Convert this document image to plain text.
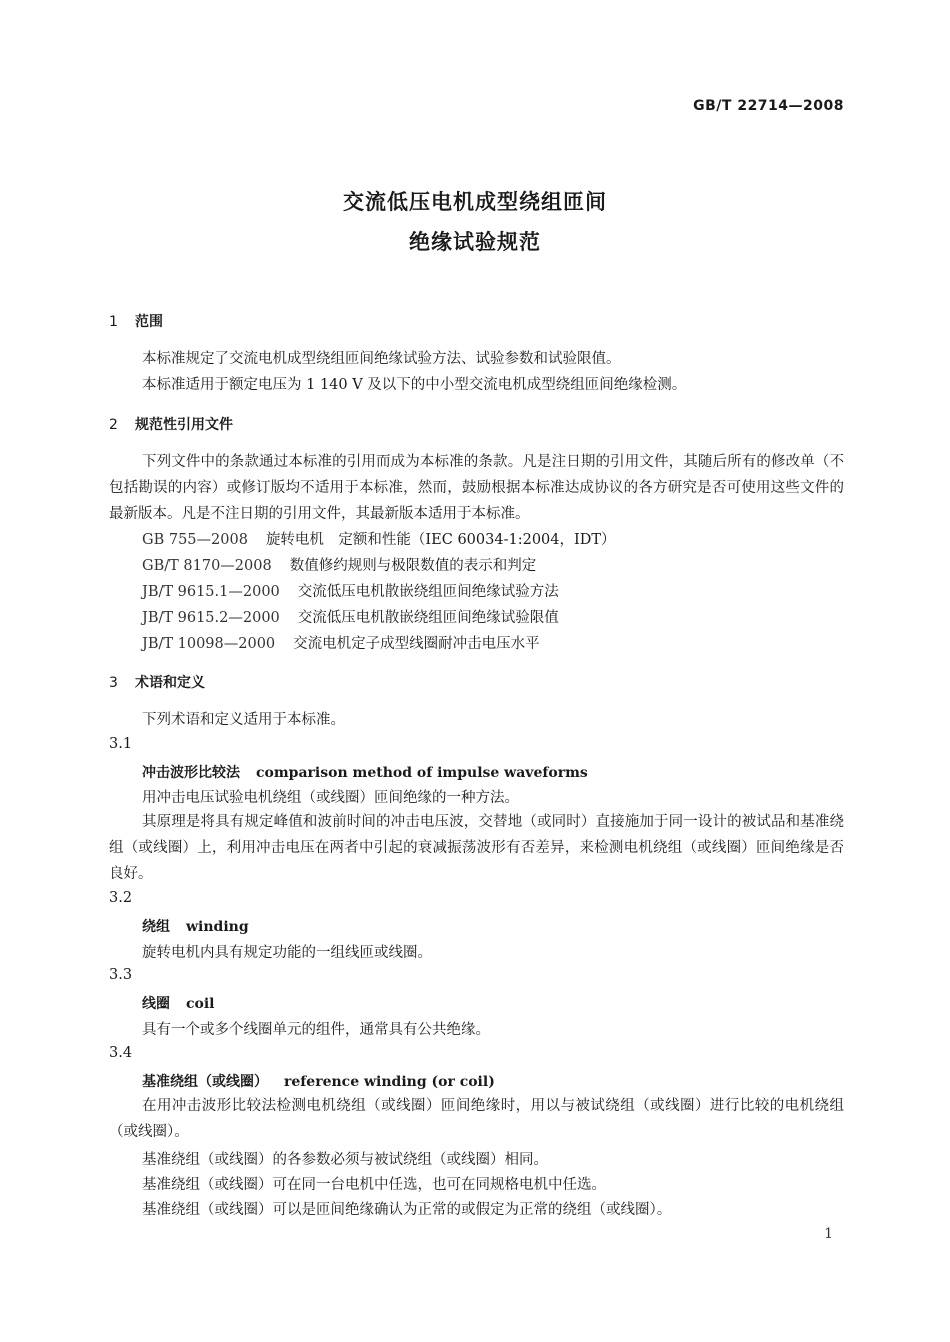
GB/T 22714—2008
交流低压电机成型绕组匝间
绝缘试验规范
1 范围
本标准规定了交流电机成型绕组匝间绝缘试验方法、试验参数和试验限值。
本标准适用于额定电压为 1 140 V 及以下的中小型交流电机成型绕组匝间绝缘检测。
2 规范性引用文件
下列文件中的条款通过本标准的引用而成为本标准的条款。凡是注日期的引用文件，其随后所有的修改单（不包括勘误的内容）或修订版均不适用于本标准，然而，鼓励根据本标准达成协议的各方研究是否可使用这些文件的最新版本。凡是不注日期的引用文件，其最新版本适用于本标准。
GB 755—2008 旋转电机　定额和性能（IEC 60034-1:2004，IDT）
GB/T 8170—2008 数值修约规则与极限数值的表示和判定
JB/T 9615.1—2000 交流低压电机散嵌绕组匝间绝缘试验方法
JB/T 9615.2—2000 交流低压电机散嵌绕组匝间绝缘试验限值
JB/T 10098—2000 交流电机定子成型线圈耐冲击电压水平
3 术语和定义
下列术语和定义适用于本标准。
3.1
冲击波形比较法 comparison method of impulse waveforms
用冲击电压试验电机绕组（或线圈）匝间绝缘的一种方法。
其原理是将具有规定峰值和波前时间的冲击电压波，交替地（或同时）直接施加于同一设计的被试品和基准绕组（或线圈）上，利用冲击电压在两者中引起的衰减振荡波形有否差异，来检测电机绕组（或线圈）匝间绝缘是否良好。
3.2
绕组 winding
旋转电机内具有规定功能的一组线匝或线圈。
3.3
线圈 coil
具有一个或多个线圈单元的组件，通常具有公共绝缘。
3.4
基准绕组（或线圈） reference winding (or coil)
在用冲击波形比较法检测电机绕组（或线圈）匝间绝缘时，用以与被试绕组（或线圈）进行比较的电机绕组（或线圈）。
基准绕组（或线圈）的各参数必须与被试绕组（或线圈）相同。
基准绕组（或线圈）可在同一台电机中任选，也可在同规格电机中任选。
基准绕组（或线圈）可以是匝间绝缘确认为正常的或假定为正常的绕组（或线圈）。
1
